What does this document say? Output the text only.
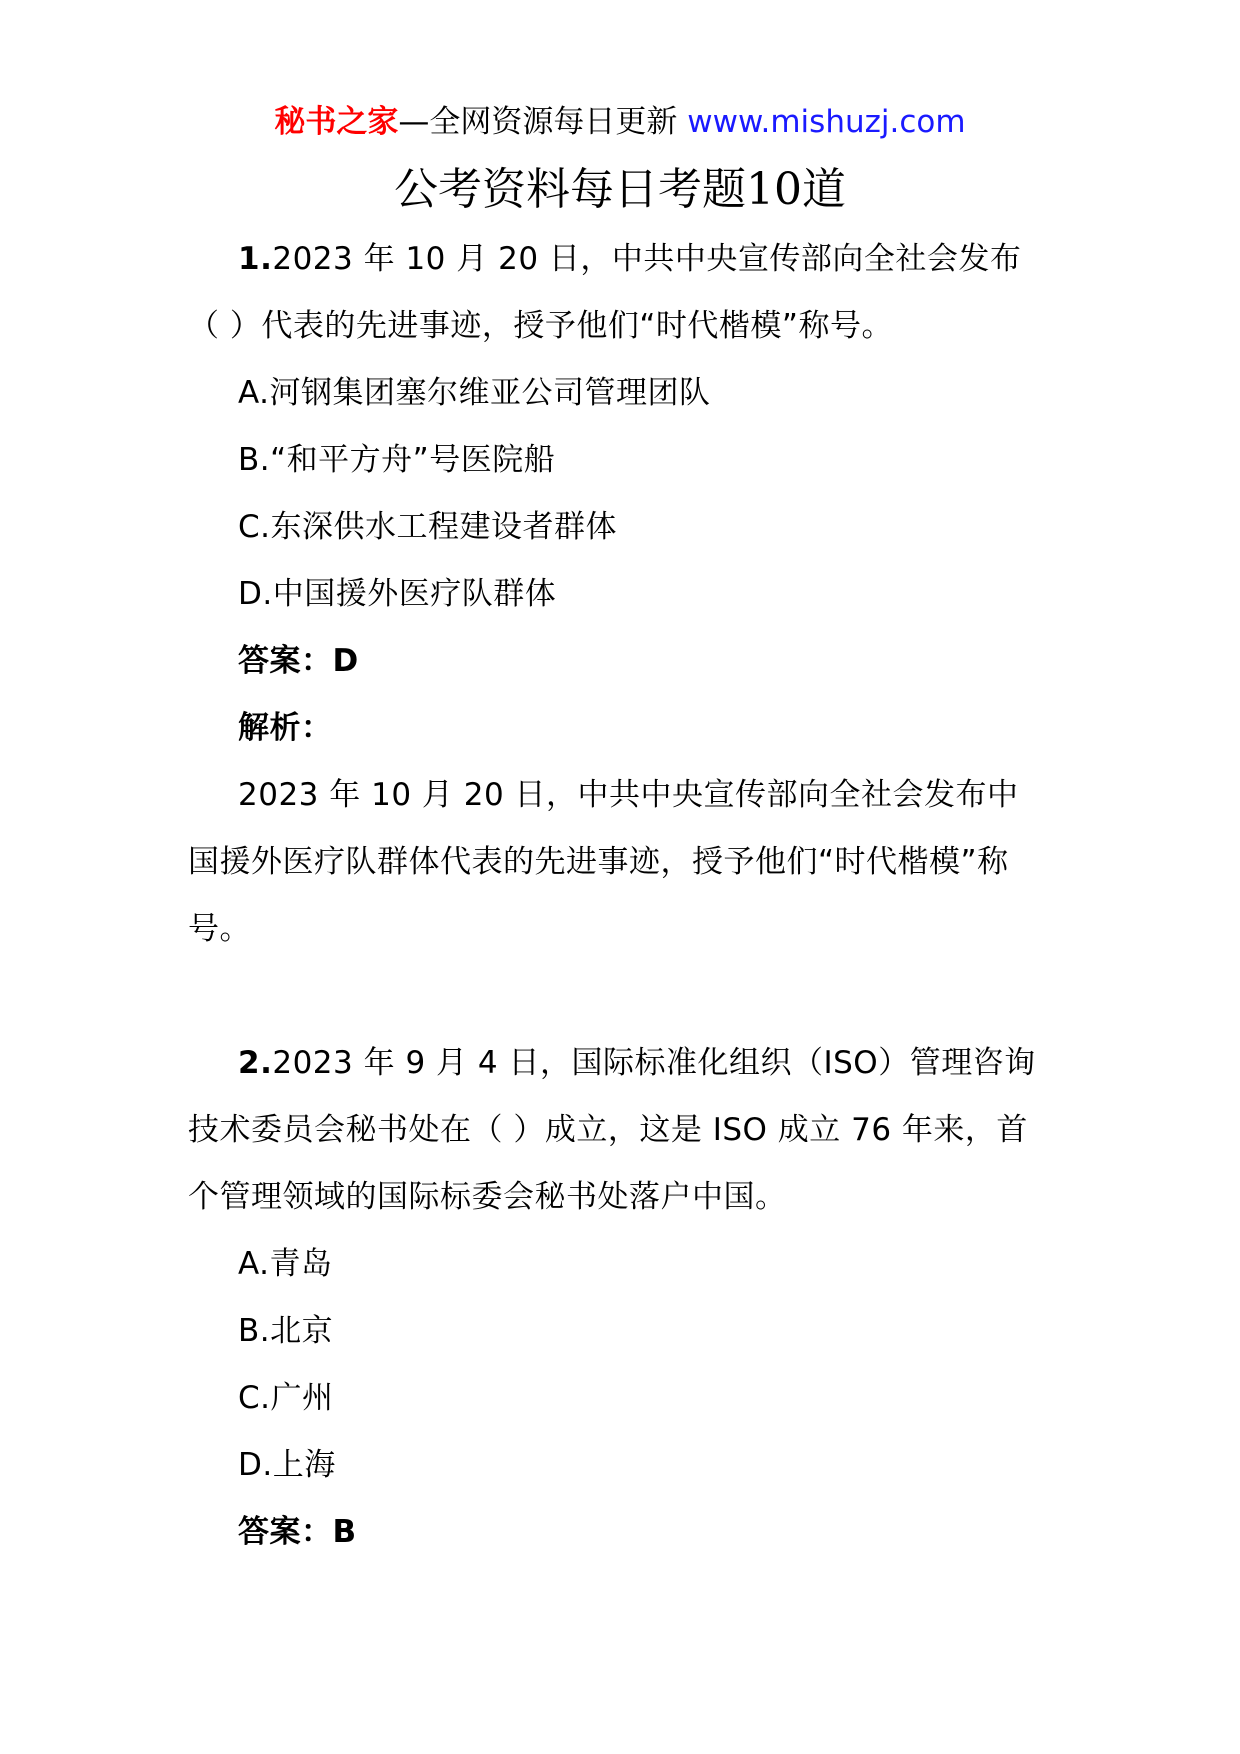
秘书之家—全网资源每日更新 www.mishuzj.com
公考资料每日考题10道

1.2023 年 10 月 20 日，中共中央宣传部向全社会发布（ ）代表的先进事迹，授予他们“时代楷模”称号。

A.河钢集团塞尔维亚公司管理团队

B.“和平方舟”号医院船

C.东深供水工程建设者群体

D.中国援外医疗队群体

答案：D

解析：

2023 年 10 月 20 日，中共中央宣传部向全社会发布中国援外医疗队群体代表的先进事迹，授予他们“时代楷模”称号。

2.2023 年 9 月 4 日，国际标准化组织（ISO）管理咨询技术委员会秘书处在（ ）成立，这是 ISO 成立 76 年来，首个管理领域的国际标委会秘书处落户中国。

A.青岛

B.北京

C.广州

D.上海

答案：B
